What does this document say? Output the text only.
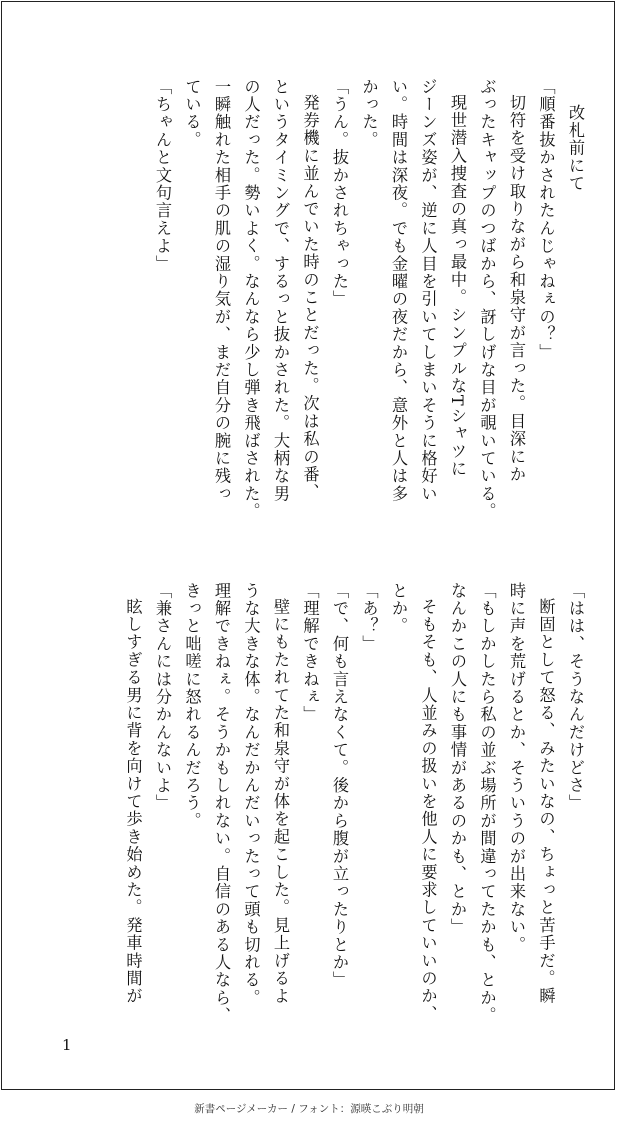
改札前にて
「順番抜かされたんじゃねぇの？」
切符を受け取りながら和泉守が言った。目深にか
ぶったキャップのつばから、訝しげな目が覗いている。
現世潜入捜査の真っ最中。シンプルなTシャツに
ジーンズ姿が、逆に人目を引いてしまいそうに格好い
い。時間は深夜。でも金曜の夜だから、意外と人は多
かった。
「うん。抜かされちゃった」
発券機に並んでいた時のことだった。次は私の番、
というタイミングで、するっと抜かされた。大柄な男
の人だった。勢いよく。なんなら少し弾き飛ばされた。
一瞬触れた相手の肌の湿り気が、まだ自分の腕に残っ
ている。
「ちゃんと文句言えよ」
「はは、そうなんだけどさ」
断固として怒る、みたいなの、ちょっと苦手だ。瞬
時に声を荒げるとか、そういうのが出来ない。
「もしかしたら私の並ぶ場所が間違ってたかも、とか。
なんかこの人にも事情があるのかも、とか」
そもそも、人並みの扱いを他人に要求していいのか、
とか。
「あ？」
「で、何も言えなくて。後から腹が立ったりとか」
「理解できねぇ」
壁にもたれてた和泉守が体を起こした。見上げるよ
うな大きな体。なんだかんだいったって頭も切れる。
理解できねぇ。そうかもしれない。自信のある人なら、
きっと咄嗟に怒れるんだろう。
「兼さんには分かんないよ」
眩しすぎる男に背を向けて歩き始めた。発車時間が
1
新書ページメーカー / フォント：源暎こぶり明朝
